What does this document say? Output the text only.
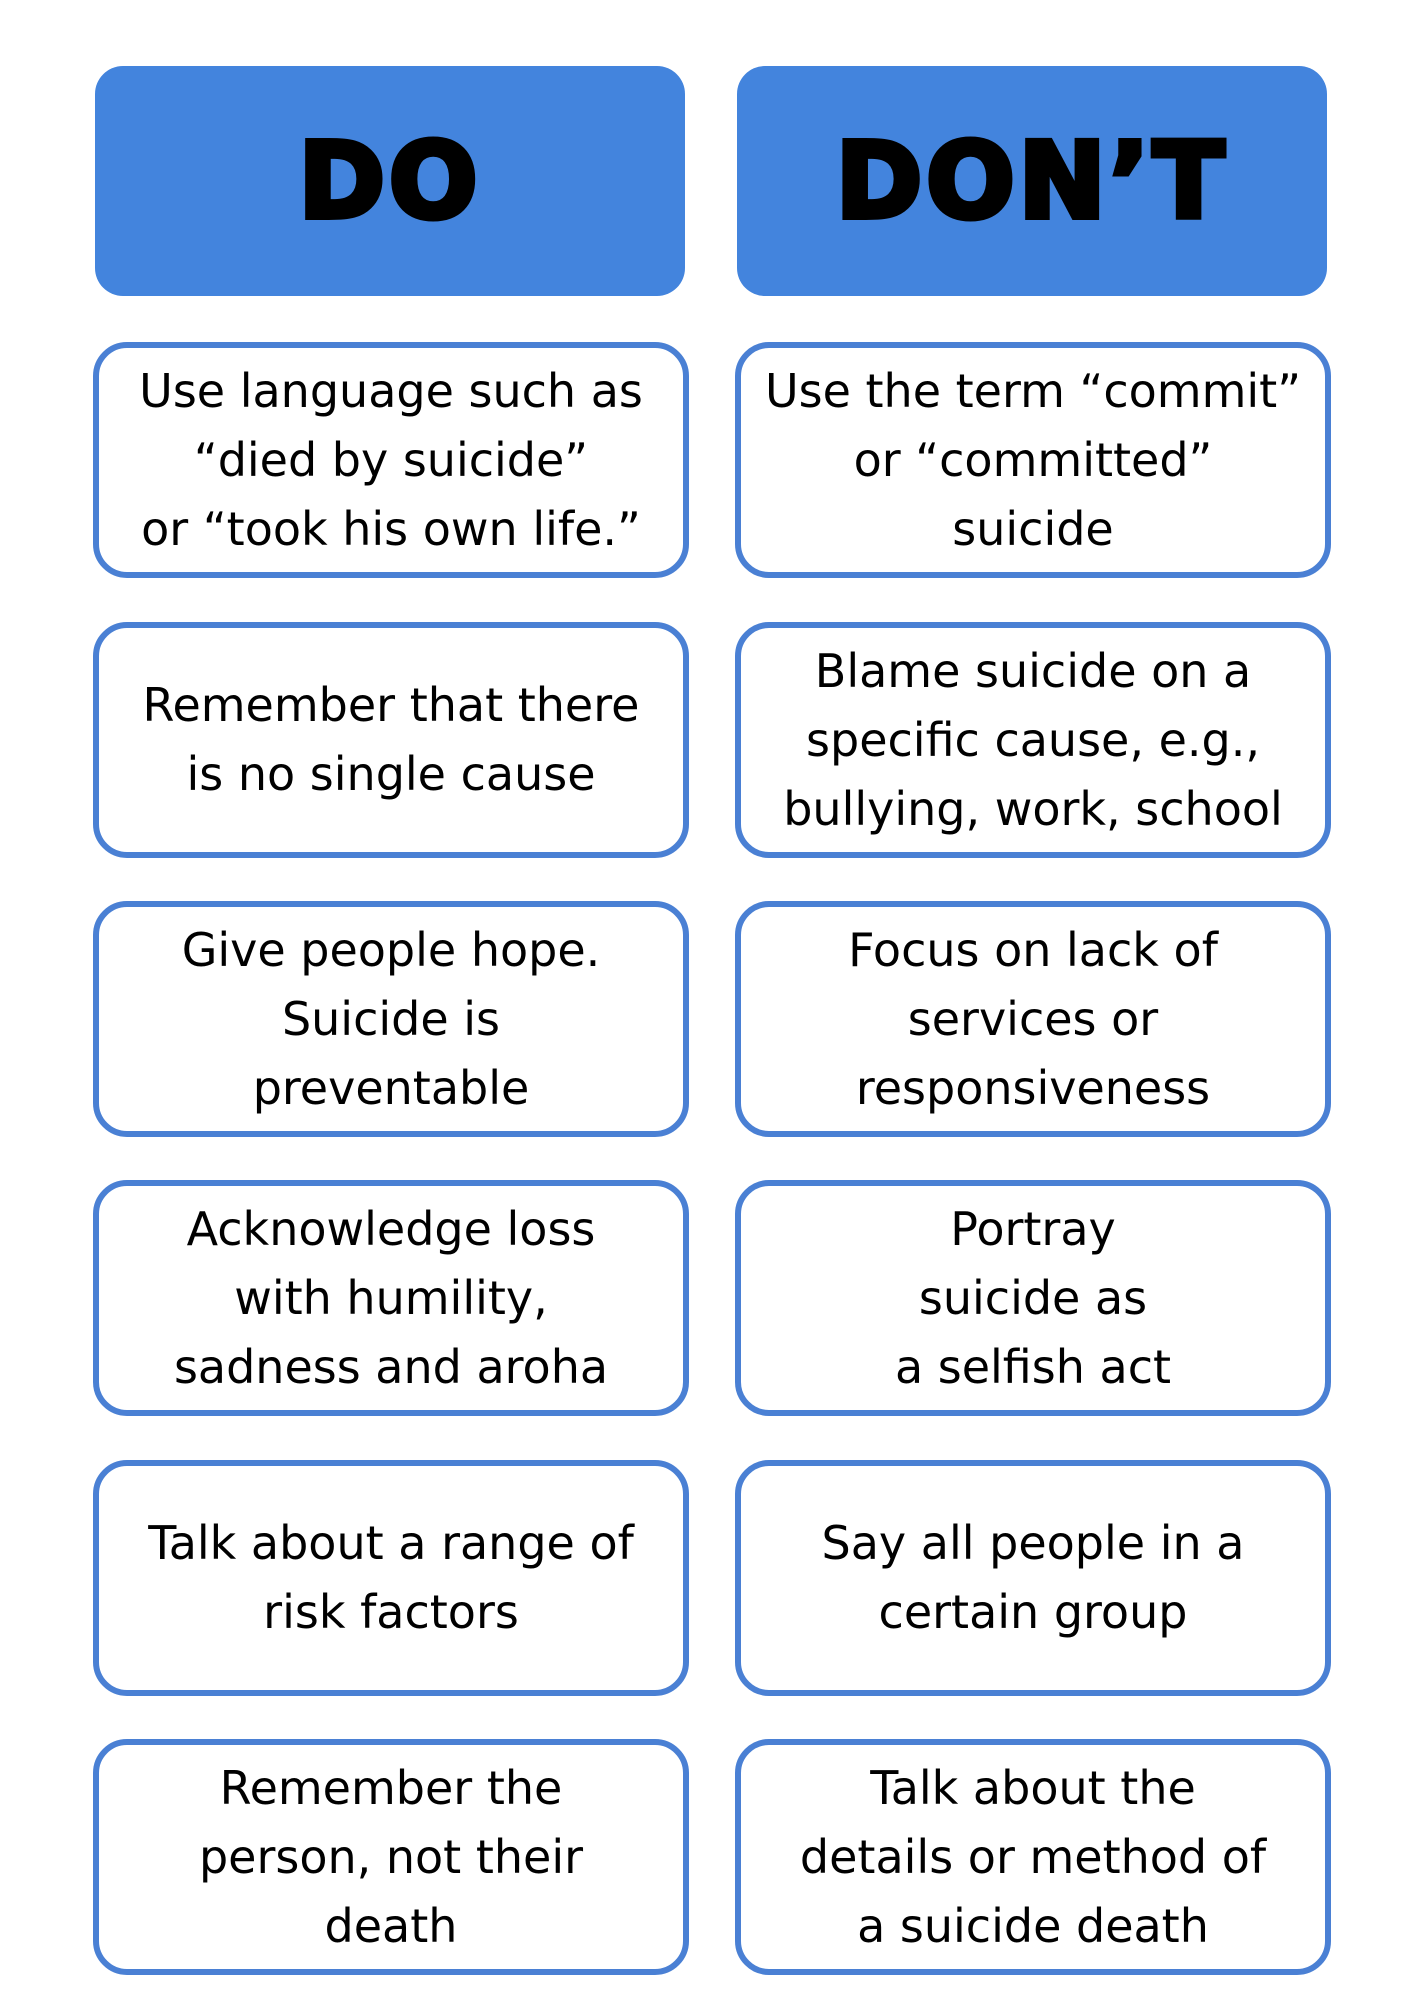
DO	DON’T
Use language such as
“died by suicide”
or “took his own life.”
Use the term “commit”
or “committed”
suicide
Remember that there
is no single cause
Blame suicide on a
specific cause, e.g.,
bullying, work, school
Give people hope.
Suicide is
preventable
Focus on lack of
services or
responsiveness
Acknowledge loss
with humility,
sadness and aroha
Portray
suicide as
a selfish act
Talk about a range of
risk factors
Say all people in a
certain group
Remember the
person, not their
death
Talk about the
details or method of
a suicide death
